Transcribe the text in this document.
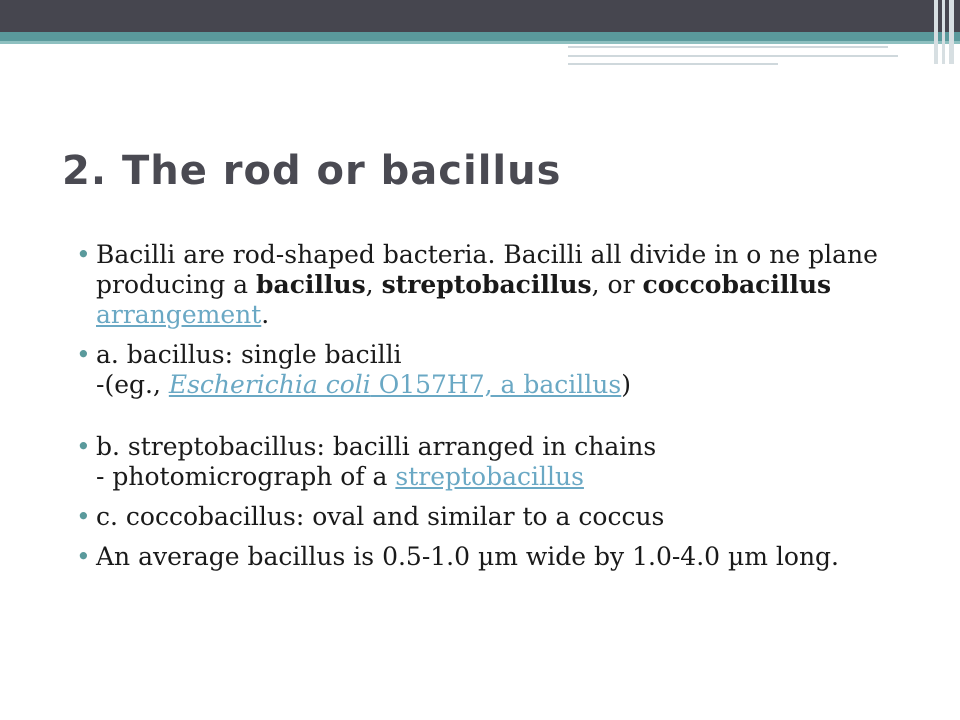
2. The rod or bacillus
• Bacilli are rod-shaped bacteria. Bacilli all divide in o ne plane producing a bacillus, streptobacillus, or coccobacillus arrangement.
• a. bacillus: single bacilli
-(eg., Escherichia coli O157H7, a bacillus)
• b. streptobacillus: bacilli arranged in chains
- photomicrograph of a streptobacillus
• c. coccobacillus: oval and similar to a coccus
• An average bacillus is 0.5-1.0 µm wide by 1.0-4.0 µm long.
